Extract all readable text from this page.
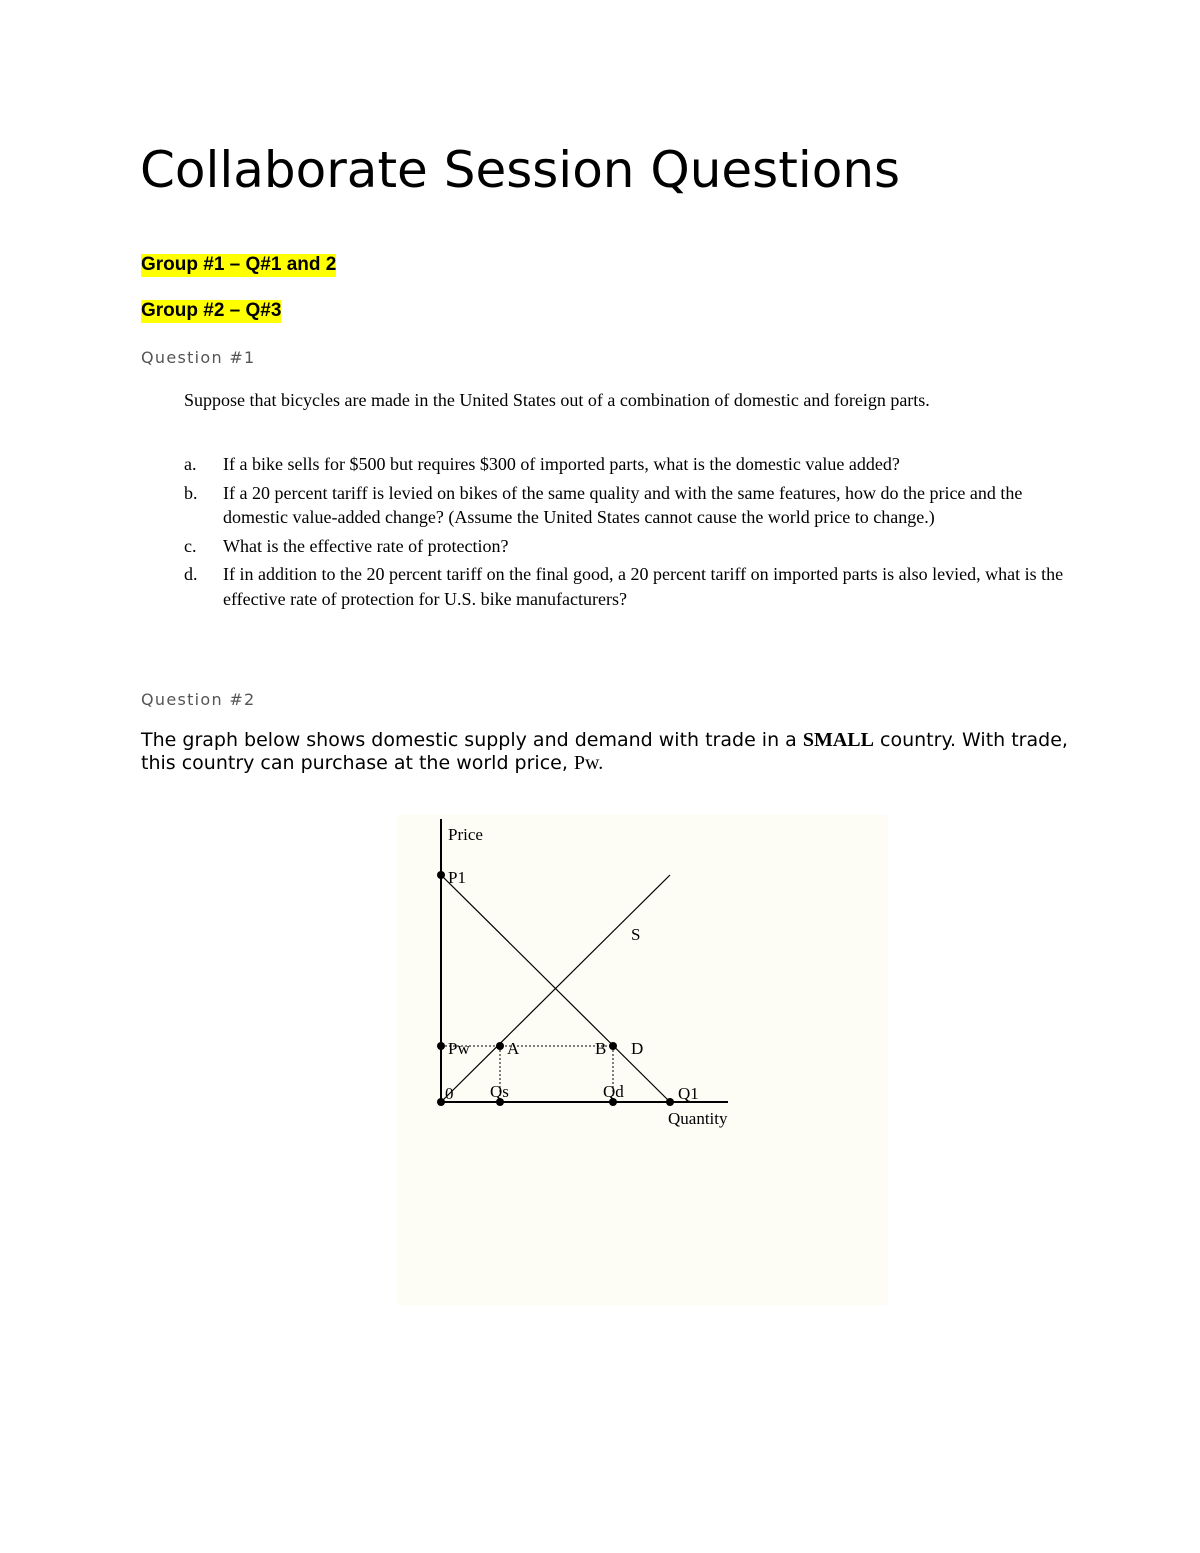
Collaborate Session Questions
Group #1 – Q#1 and 2
Group #2 – Q#3
Question #1
Suppose that bicycles are made in the United States out of a combination of domestic and foreign parts.
a. If a bike sells for $500 but requires $300 of imported parts, what is the domestic value added?
b. If a 20 percent tariff is levied on bikes of the same quality and with the same features, how do the price and the domestic value-added change? (Assume the United States cannot cause the world price to change.)
c. What is the effective rate of protection?
d. If in addition to the 20 percent tariff on the final good, a 20 percent tariff on imported parts is also levied, what is the effective rate of protection for U.S. bike manufacturers?
Question #2
The graph below shows domestic supply and demand with trade in a SMALL country. With trade, this country can purchase at the world price, Pw.
Price
P1
S
Pw A	B D
0 Qs	Qd	Q1
Quantity
